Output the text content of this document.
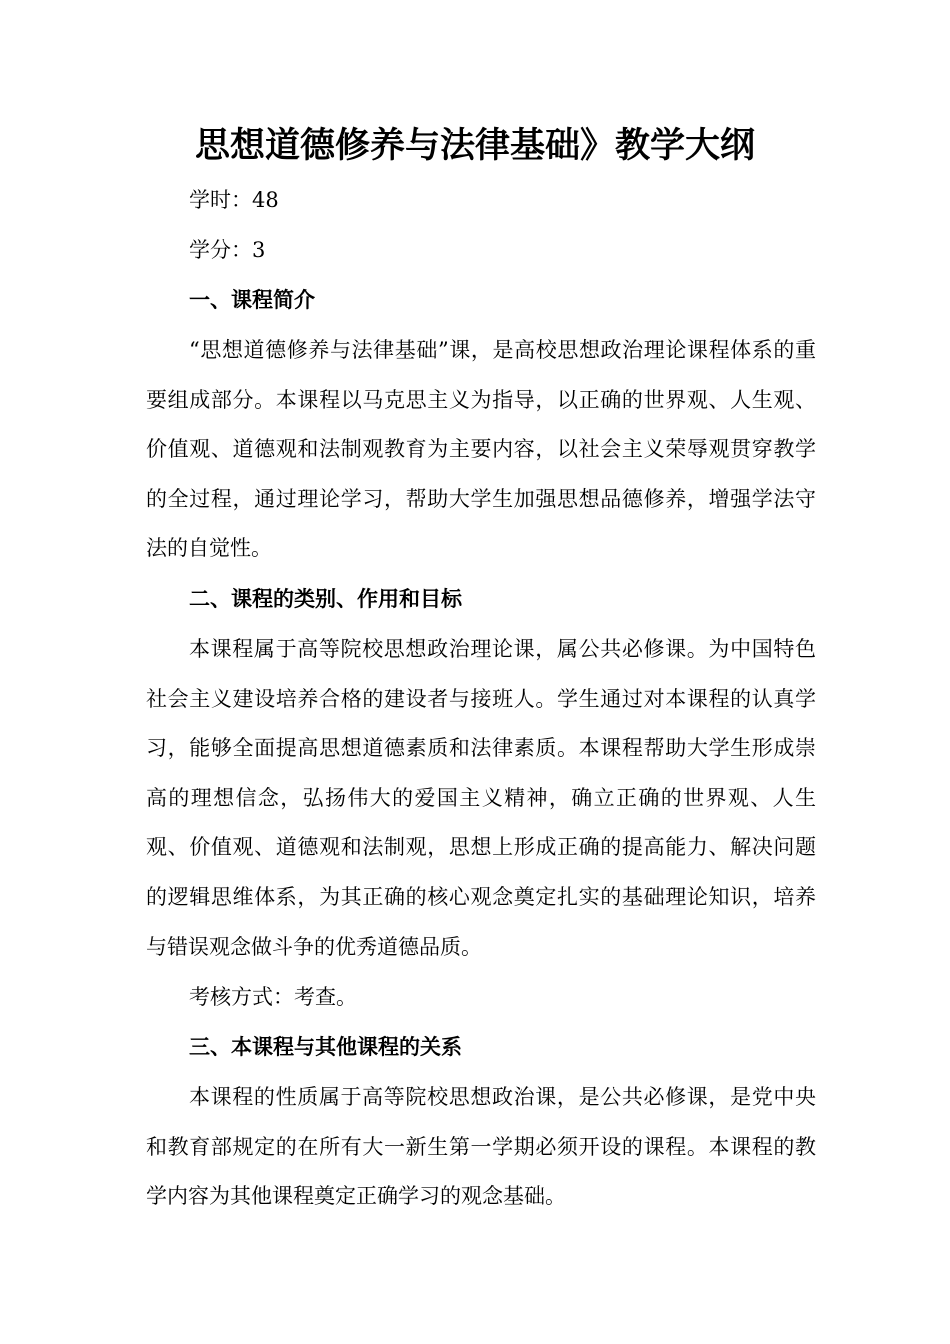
思想道德修养与法律基础》教学大纲

学时：48

学分：3

一、课程简介

“思想道德修养与法律基础”课，是高校思想政治理论课程体系的重要组成部分。本课程以马克思主义为指导，以正确的世界观、人生观、价值观、道德观和法制观教育为主要内容，以社会主义荣辱观贯穿教学的全过程，通过理论学习，帮助大学生加强思想品德修养，增强学法守法的自觉性。

二、课程的类别、作用和目标

本课程属于高等院校思想政治理论课，属公共必修课。为中国特色社会主义建设培养合格的建设者与接班人。学生通过对本课程的认真学习，能够全面提高思想道德素质和法律素质。本课程帮助大学生形成崇高的理想信念，弘扬伟大的爱国主义精神，确立正确的世界观、人生观、价值观、道德观和法制观，思想上形成正确的提高能力、解决问题的逻辑思维体系，为其正确的核心观念奠定扎实的基础理论知识，培养与错误观念做斗争的优秀道德品质。

考核方式：考查。

三、本课程与其他课程的关系

本课程的性质属于高等院校思想政治课，是公共必修课，是党中央和教育部规定的在所有大一新生第一学期必须开设的课程。本课程的教学内容为其他课程奠定正确学习的观念基础。
